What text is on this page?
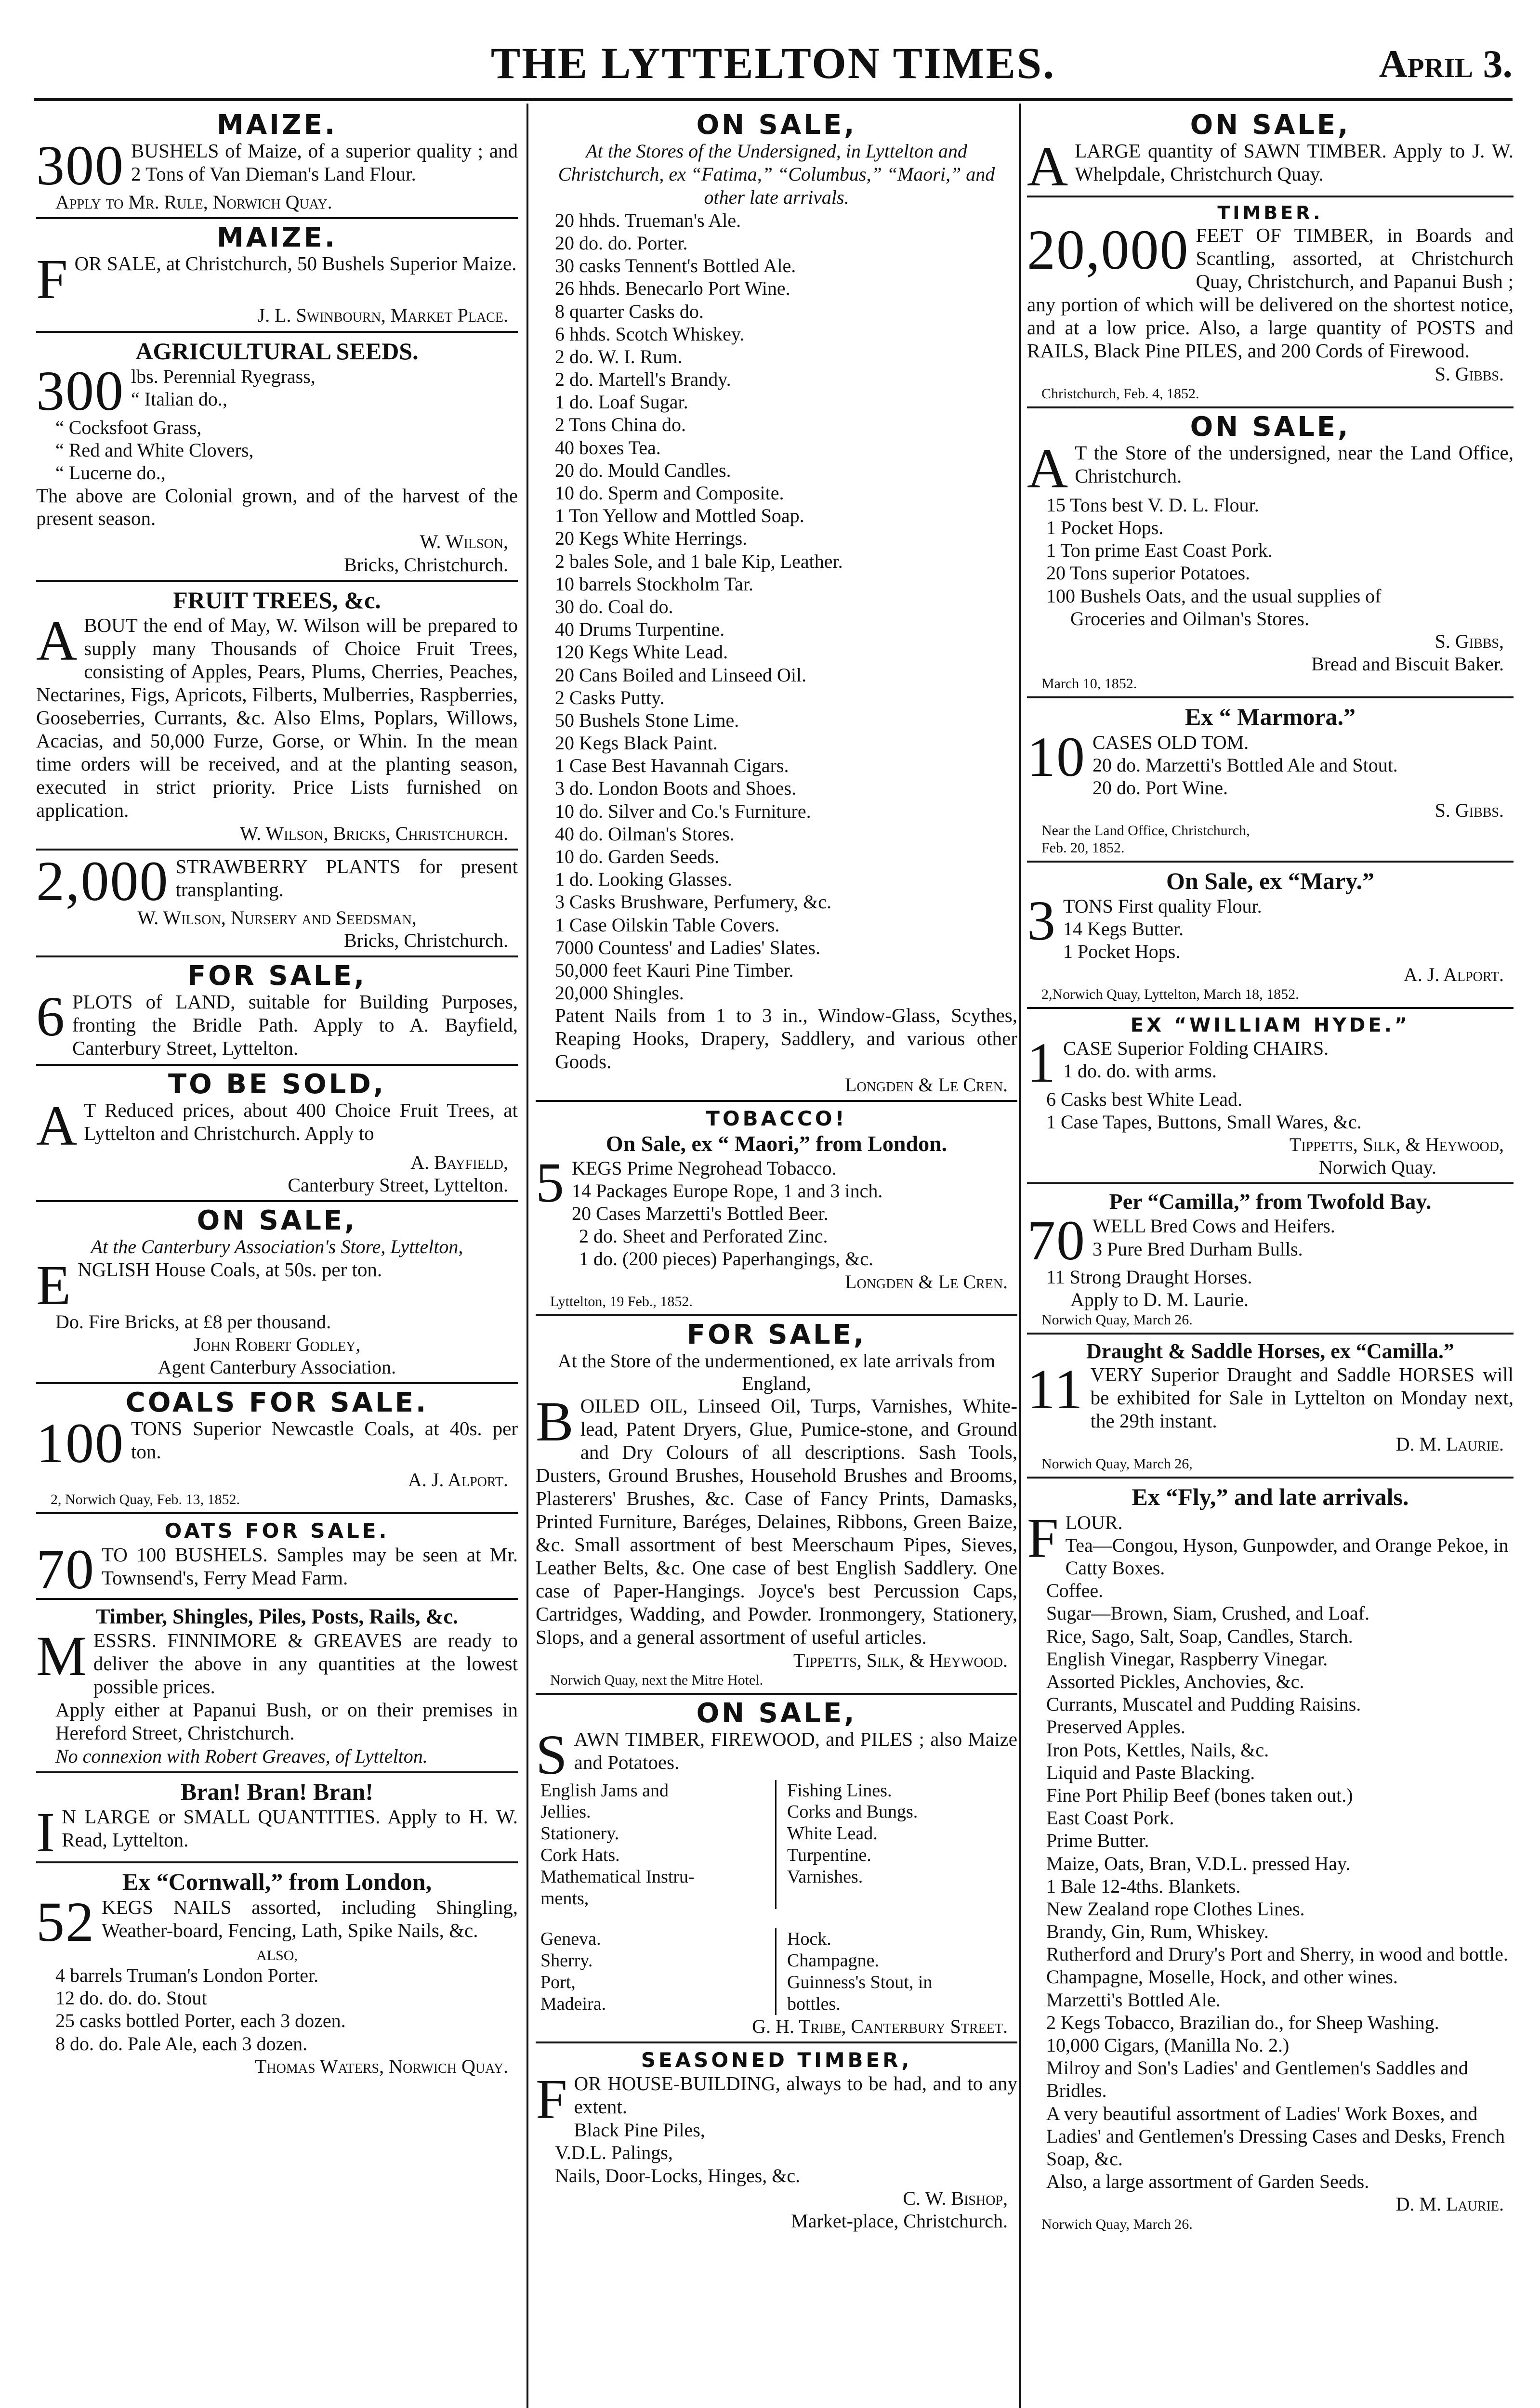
THE LYTTELTON TIMES.	April 3.
MAIZE.
300 BUSHELS of Maize, of a superior quality ; and 2 Tons of Van Dieman's Land Flour.
Apply to Mr. Rule, Norwich Quay.
MAIZE.
F OR SALE, at Christchurch, 50 Bushels Superior Maize.
J. L. Swinbourn, Market Place.
AGRICULTURAL SEEDS.
300 lbs. Perennial Ryegrass,
“ Italian do.,
“ Cocksfoot Grass,
“ Red and White Clovers,
“ Lucerne do.,
The above are Colonial grown, and of the harvest of the present season.
W. Wilson,
Bricks, Christchurch.
FRUIT TREES, &c.
A BOUT the end of May, W. Wilson will be prepared to supply many Thousands of Choice Fruit Trees, consisting of Apples, Pears, Plums, Cherries, Peaches, Nectarines, Figs, Apricots, Filberts, Mulberries, Raspberries, Gooseberries, Currants, &c. Also Elms, Poplars, Willows, Acacias, and 50,000 Furze, Gorse, or Whin. In the mean time orders will be received, and at the planting season, executed in strict priority. Price Lists furnished on application.
W. Wilson, Bricks, Christchurch.
2,000 STRAWBERRY PLANTS for present transplanting.
W. Wilson, Nursery and Seedsman,
Bricks, Christchurch.
FOR SALE,
6 PLOTS of LAND, suitable for Building Purposes, fronting the Bridle Path. Apply to A. Bayfield, Canterbury Street, Lyttelton.
TO BE SOLD,
A T Reduced prices, about 400 Choice Fruit Trees, at Lyttelton and Christchurch. Apply to
A. Bayfield,
Canterbury Street, Lyttelton.
ON SALE,
At the Canterbury Association's Store, Lyttelton,
E NGLISH House Coals, at 50s. per ton.
Do. Fire Bricks, at £8 per thousand.
John Robert Godley,
Agent Canterbury Association.
COALS FOR SALE.
100 TONS Superior Newcastle Coals, at 40s. per ton.
A. J. Alport.
2, Norwich Quay, Feb. 13, 1852.
OATS FOR SALE.
70 TO 100 BUSHELS. Samples may be seen at Mr. Townsend's, Ferry Mead Farm.
Timber, Shingles, Piles, Posts, Rails, &c.
M ESSRS. FINNIMORE & GREAVES are ready to deliver the above in any quantities at the lowest possible prices.
Apply either at Papanui Bush, or on their premises in Hereford Street, Christchurch.
No connexion with Robert Greaves, of Lyttelton.
Bran! Bran! Bran!
I N LARGE or SMALL QUANTITIES. Apply to H. W. Read, Lyttelton.
Ex “Cornwall,” from London,
52 KEGS NAILS assorted, including Shingling, Weather-board, Fencing, Lath, Spike Nails, &c.
ALSO,
4 barrels Truman's London Porter.
12 do. do. do. Stout
25 casks bottled Porter, each 3 dozen.
8 do. do. Pale Ale, each 3 dozen.
Thomas Waters, Norwich Quay.
ON SALE,
At the Stores of the Undersigned, in Lyttelton and Christchurch, ex “Fatima,” “Columbus,” “Maori,” and other late arrivals.
20 hhds. Trueman's Ale.
20 do. do. Porter.
30 casks Tennent's Bottled Ale.
26 hhds. Benecarlo Port Wine.
8 quarter Casks do.
6 hhds. Scotch Whiskey.
2 do. W. I. Rum.
2 do. Martell's Brandy.
1 do. Loaf Sugar.
2 Tons China do.
40 boxes Tea.
20 do. Mould Candles.
10 do. Sperm and Composite.
1 Ton Yellow and Mottled Soap.
20 Kegs White Herrings.
2 bales Sole, and 1 bale Kip, Leather.
10 barrels Stockholm Tar.
30 do. Coal do.
40 Drums Turpentine.
120 Kegs White Lead.
20 Cans Boiled and Linseed Oil.
2 Casks Putty.
50 Bushels Stone Lime.
20 Kegs Black Paint.
1 Case Best Havannah Cigars.
3 do. London Boots and Shoes.
10 do. Silver and Co.'s Furniture.
40 do. Oilman's Stores.
10 do. Garden Seeds.
1 do. Looking Glasses.
3 Casks Brushware, Perfumery, &c.
1 Case Oilskin Table Covers.
7000 Countess' and Ladies' Slates.
50,000 feet Kauri Pine Timber.
20,000 Shingles.
Patent Nails from 1 to 3 in., Window-Glass, Scythes, Reaping Hooks, Drapery, Saddlery, and various other Goods.
Longden & Le Cren.
TOBACCO!
On Sale, ex “ Maori,” from London.
5 KEGS Prime Negrohead Tobacco.
14 Packages Europe Rope, 1 and 3 inch.
20 Cases Marzetti's Bottled Beer.
2 do. Sheet and Perforated Zinc.
1 do. (200 pieces) Paperhangings, &c.
Longden & Le Cren.
Lyttelton, 19 Feb., 1852.
FOR SALE,
At the Store of the undermentioned, ex late arrivals from England,
B OILED OIL, Linseed Oil, Turps, Varnishes, White-lead, Patent Dryers, Glue, Pumice-stone, and Ground and Dry Colours of all descriptions. Sash Tools, Dusters, Ground Brushes, Household Brushes and Brooms, Plasterers' Brushes, &c. Case of Fancy Prints, Damasks, Printed Furniture, Baréges, Delaines, Ribbons, Green Baize, &c. Small assortment of best Meerschaum Pipes, Sieves, Leather Belts, &c. One case of best English Saddlery. One case of Paper-Hangings. Joyce's best Percussion Caps, Cartridges, Wadding, and Powder. Ironmongery, Stationery, Slops, and a general assortment of useful articles.
Tippetts, Silk, & Heywood.
Norwich Quay, next the Mitre Hotel.
ON SALE,
S AWN TIMBER, FIREWOOD, and PILES ; also Maize and Potatoes.
English Jams and
Jellies.
Stationery.
Cork Hats.
Mathematical Instru-
ments,
Fishing Lines.
Corks and Bungs.
White Lead.
Turpentine.
Varnishes.
Geneva.
Sherry.
Port,
Madeira.
Hock.
Champagne.
Guinness's Stout, in
bottles.
G. H. Tribe, Canterbury Street.
SEASONED TIMBER,
F OR HOUSE-BUILDING, always to be had, and to any extent.
Black Pine Piles,
V.D.L. Palings,
Nails, Door-Locks, Hinges, &c.
C. W. Bishop,
Market-place, Christchurch.
ON SALE,
A LARGE quantity of SAWN TIMBER. Apply to J. W. Whelpdale, Christchurch Quay.
TIMBER.
20,000 FEET OF TIMBER, in Boards and Scantling, assorted, at Christchurch Quay, Christchurch, and Papanui Bush ; any portion of which will be delivered on the shortest notice, and at a low price. Also, a large quantity of POSTS and RAILS, Black Pine PILES, and 200 Cords of Firewood.
S. Gibbs.
Christchurch, Feb. 4, 1852.
ON SALE,
A T the Store of the undersigned, near the Land Office, Christchurch.
15 Tons best V. D. L. Flour.
1 Pocket Hops.
1 Ton prime East Coast Pork.
20 Tons superior Potatoes.
100 Bushels Oats, and the usual supplies of
Groceries and Oilman's Stores.
S. Gibbs,
Bread and Biscuit Baker.
March 10, 1852.
Ex “ Marmora.”
10 CASES OLD TOM.
20 do. Marzetti's Bottled Ale and Stout.
20 do. Port Wine.
S. Gibbs.
Near the Land Office, Christchurch,
Feb. 20, 1852.
On Sale, ex “Mary.”
3 TONS First quality Flour.
14 Kegs Butter.
1 Pocket Hops.
A. J. Alport.
2,Norwich Quay, Lyttelton, March 18, 1852.
EX “WILLIAM HYDE.”
1 CASE Superior Folding CHAIRS.
1 do. do. with arms.
6 Casks best White Lead.
1 Case Tapes, Buttons, Small Wares, &c.
Tippetts, Silk, & Heywood,
Norwich Quay.
Per “Camilla,” from Twofold Bay.
70 WELL Bred Cows and Heifers.
3 Pure Bred Durham Bulls.
11 Strong Draught Horses.
Apply to D. M. Laurie.
Norwich Quay, March 26.
Draught & Saddle Horses, ex “Camilla.”
11 VERY Superior Draught and Saddle HORSES will be exhibited for Sale in Lyttelton on Monday next, the 29th instant.
D. M. Laurie.
Norwich Quay, March 26,
Ex “Fly,” and late arrivals.
F LOUR.
Tea—Congou, Hyson, Gunpowder, and Orange Pekoe, in Catty Boxes.
Coffee.
Sugar—Brown, Siam, Crushed, and Loaf.
Rice, Sago, Salt, Soap, Candles, Starch.
English Vinegar, Raspberry Vinegar.
Assorted Pickles, Anchovies, &c.
Currants, Muscatel and Pudding Raisins.
Preserved Apples.
Iron Pots, Kettles, Nails, &c.
Liquid and Paste Blacking.
Fine Port Philip Beef (bones taken out.)
East Coast Pork.
Prime Butter.
Maize, Oats, Bran, V.D.L. pressed Hay.
1 Bale 12-4ths. Blankets.
New Zealand rope Clothes Lines.
Brandy, Gin, Rum, Whiskey.
Rutherford and Drury's Port and Sherry, in wood and bottle.
Champagne, Moselle, Hock, and other wines.
Marzetti's Bottled Ale.
2 Kegs Tobacco, Brazilian do., for Sheep Washing.
10,000 Cigars, (Manilla No. 2.)
Milroy and Son's Ladies' and Gentlemen's Saddles and Bridles.
A very beautiful assortment of Ladies' Work Boxes, and Ladies' and Gentlemen's Dressing Cases and Desks, French Soap, &c.
Also, a large assortment of Garden Seeds.
D. M. Laurie.
Norwich Quay, March 26.
